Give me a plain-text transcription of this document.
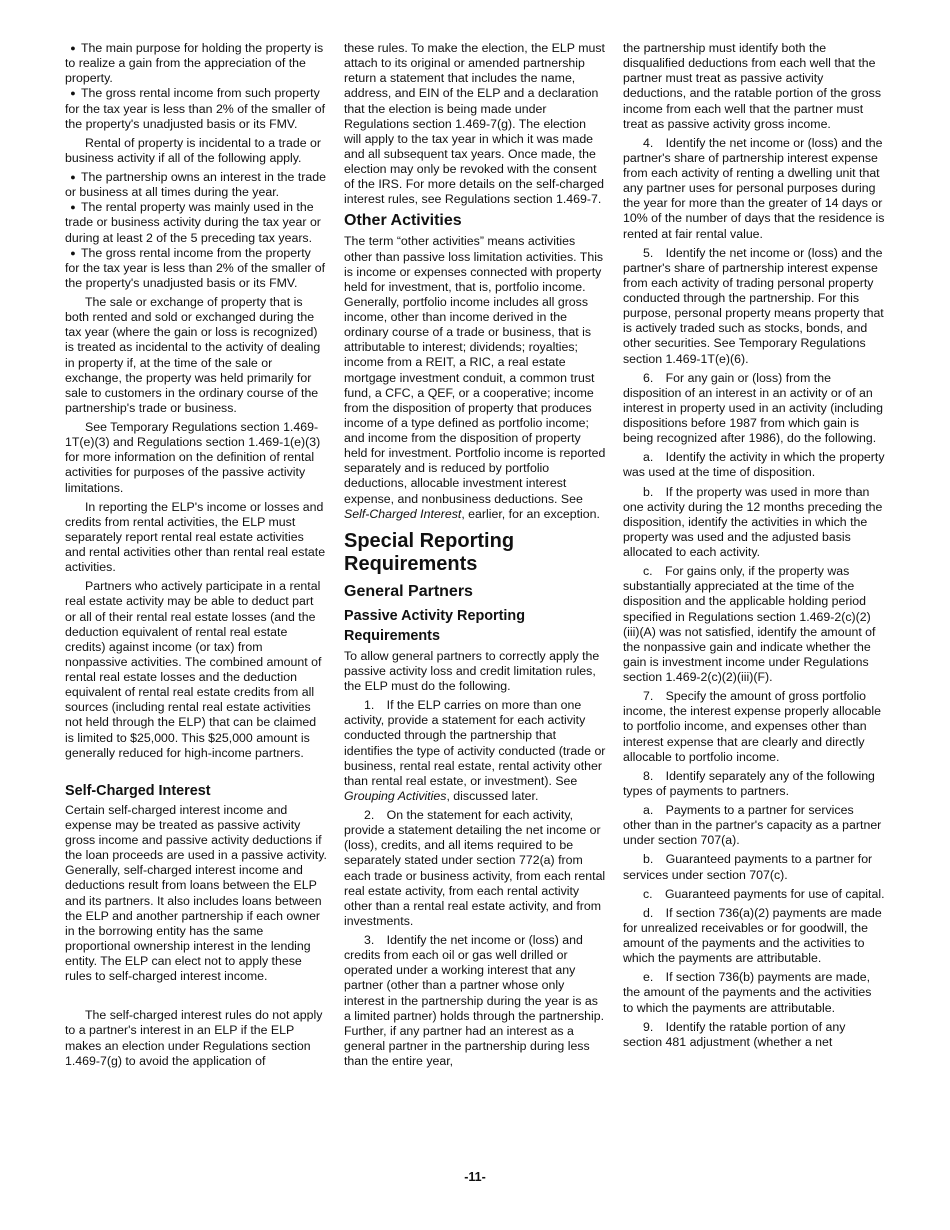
● The main purpose for holding the property is to realize a gain from the appreciation of the property.
● The gross rental income from such property for the tax year is less than 2% of the smaller of the property's unadjusted basis or its FMV.

Rental of property is incidental to a trade or business activity if all of the following apply.

● The partnership owns an interest in the trade or business at all times during the year.
● The rental property was mainly used in the trade or business activity during the tax year or during at least 2 of the 5 preceding tax years.
● The gross rental income from the property for the tax year is less than 2% of the smaller of the property's unadjusted basis or its FMV.

The sale or exchange of property that is both rented and sold or exchanged during the tax year (where the gain or loss is recognized) is treated as incidental to the activity of dealing in property if, at the time of the sale or exchange, the property was held primarily for sale to customers in the ordinary course of the partnership's trade or business.

See Temporary Regulations section 1.469-1T(e)(3) and Regulations section 1.469-1(e)(3) for more information on the definition of rental activities for purposes of the passive activity limitations.

In reporting the ELP's income or losses and credits from rental activities, the ELP must separately report rental real estate activities and rental activities other than rental real estate activities.

Partners who actively participate in a rental real estate activity may be able to deduct part or all of their rental real estate losses (and the deduction equivalent of rental real estate credits) against income (or tax) from nonpassive activities. The combined amount of rental real estate losses and the deduction equivalent of rental real estate credits from all sources (including rental real estate activities not held through the ELP) that can be claimed is limited to $25,000. This $25,000 amount is generally reduced for high-income partners.

Self-Charged Interest

Certain self-charged interest income and expense may be treated as passive activity gross income and passive activity deductions if the loan proceeds are used in a passive activity. Generally, self-charged interest income and deductions result from loans between the ELP and its partners. It also includes loans between the ELP and another partnership if each owner in the borrowing entity has the same proportional ownership interest in the lending entity. The ELP can elect not to apply these rules to self-charged interest income.

The self-charged interest rules do not apply to a partner's interest in an ELP if the ELP makes an election under Regulations section 1.469-7(g) to avoid the application of

these rules. To make the election, the ELP must attach to its original or amended partnership return a statement that includes the name, address, and EIN of the ELP and a declaration that the election is being made under Regulations section 1.469-7(g). The election will apply to the tax year in which it was made and all subsequent tax years. Once made, the election may only be revoked with the consent of the IRS. For more details on the self-charged interest rules, see Regulations section 1.469-7.

Other Activities

The term “other activities” means activities other than passive loss limitation activities. This is income or expenses connected with property held for investment, that is, portfolio income. Generally, portfolio income includes all gross income, other than income derived in the ordinary course of a trade or business, that is attributable to interest; dividends; royalties; income from a REIT, a RIC, a real estate mortgage investment conduit, a common trust fund, a CFC, a QEF, or a cooperative; income from the disposition of property that produces income of a type defined as portfolio income; and income from the disposition of property held for investment. Portfolio income is reported separately and is reduced by portfolio deductions, allocable investment interest expense, and nonbusiness deductions. See Self-Charged Interest, earlier, for an exception.

Special Reporting Requirements
General Partners
Passive Activity Reporting Requirements

To allow general partners to correctly apply the passive activity loss and credit limitation rules, the ELP must do the following.

1. If the ELP carries on more than one activity, provide a statement for each activity conducted through the partnership that identifies the type of activity conducted (trade or business, rental real estate, rental activity other than rental real estate, or investment). See Grouping Activities, discussed later.

2. On the statement for each activity, provide a statement detailing the net income or (loss), credits, and all items required to be separately stated under section 772(a) from each trade or business activity, from each rental real estate activity, from each rental activity other than a rental real estate activity, and from investments.

3. Identify the net income or (loss) and credits from each oil or gas well drilled or operated under a working interest that any partner (other than a partner whose only interest in the partnership during the year is as a limited partner) holds through the partnership. Further, if any partner had an interest as a general partner in the partnership during less than the entire year,

the partnership must identify both the disqualified deductions from each well that the partner must treat as passive activity deductions, and the ratable portion of the gross income from each well that the partner must treat as passive activity gross income.

4. Identify the net income or (loss) and the partner's share of partnership interest expense from each activity of renting a dwelling unit that any partner uses for personal purposes during the year for more than the greater of 14 days or 10% of the number of days that the residence is rented at fair rental value.

5. Identify the net income or (loss) and the partner's share of partnership interest expense from each activity of trading personal property conducted through the partnership. For this purpose, personal property means property that is actively traded such as stocks, bonds, and other securities. See Temporary Regulations section 1.469-1T(e)(6).

6. For any gain or (loss) from the disposition of an interest in an activity or of an interest in property used in an activity (including dispositions before 1987 from which gain is being recognized after 1986), do the following.

a. Identify the activity in which the property was used at the time of disposition.

b. If the property was used in more than one activity during the 12 months preceding the disposition, identify the activities in which the property was used and the adjusted basis allocated to each activity.

c. For gains only, if the property was substantially appreciated at the time of the disposition and the applicable holding period specified in Regulations section 1.469-2(c)(2)(iii)(A) was not satisfied, identify the amount of the nonpassive gain and indicate whether the gain is investment income under Regulations section 1.469-2(c)(2)(iii)(F).

7. Specify the amount of gross portfolio income, the interest expense properly allocable to portfolio income, and expenses other than interest expense that are clearly and directly allocable to portfolio income.

8. Identify separately any of the following types of payments to partners.

a. Payments to a partner for services other than in the partner's capacity as a partner under section 707(a).

b. Guaranteed payments to a partner for services under section 707(c).

c. Guaranteed payments for use of capital.

d. If section 736(a)(2) payments are made for unrealized receivables or for goodwill, the amount of the payments and the activities to which the payments are attributable.

e. If section 736(b) payments are made, the amount of the payments and the activities to which the payments are attributable.

9. Identify the ratable portion of any section 481 adjustment (whether a net

-11-
